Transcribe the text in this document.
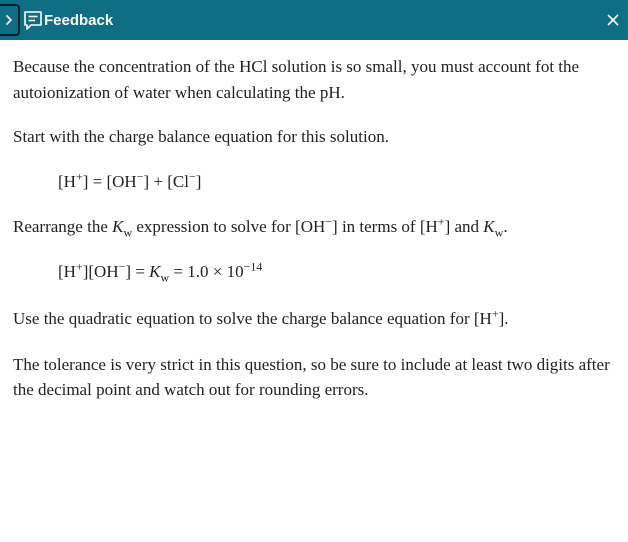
Feedback

Because the concentration of the HCl solution is so small, you must account fot the autoionization of water when calculating the pH.

Start with the charge balance equation for this solution.

[H+] = [OH−] + [Cl−]

Rearrange the $K_w$ expression to solve for [OH−] in terms of [H+] and $K_w$.

$[H^+][OH^-] = K_w = 1.0 \times 10^{-14}$

Use the quadratic equation to solve the charge balance equation for [H+].

The tolerance is very strict in this question, so be sure to include at least two digits after the decimal point and watch out for rounding errors.
